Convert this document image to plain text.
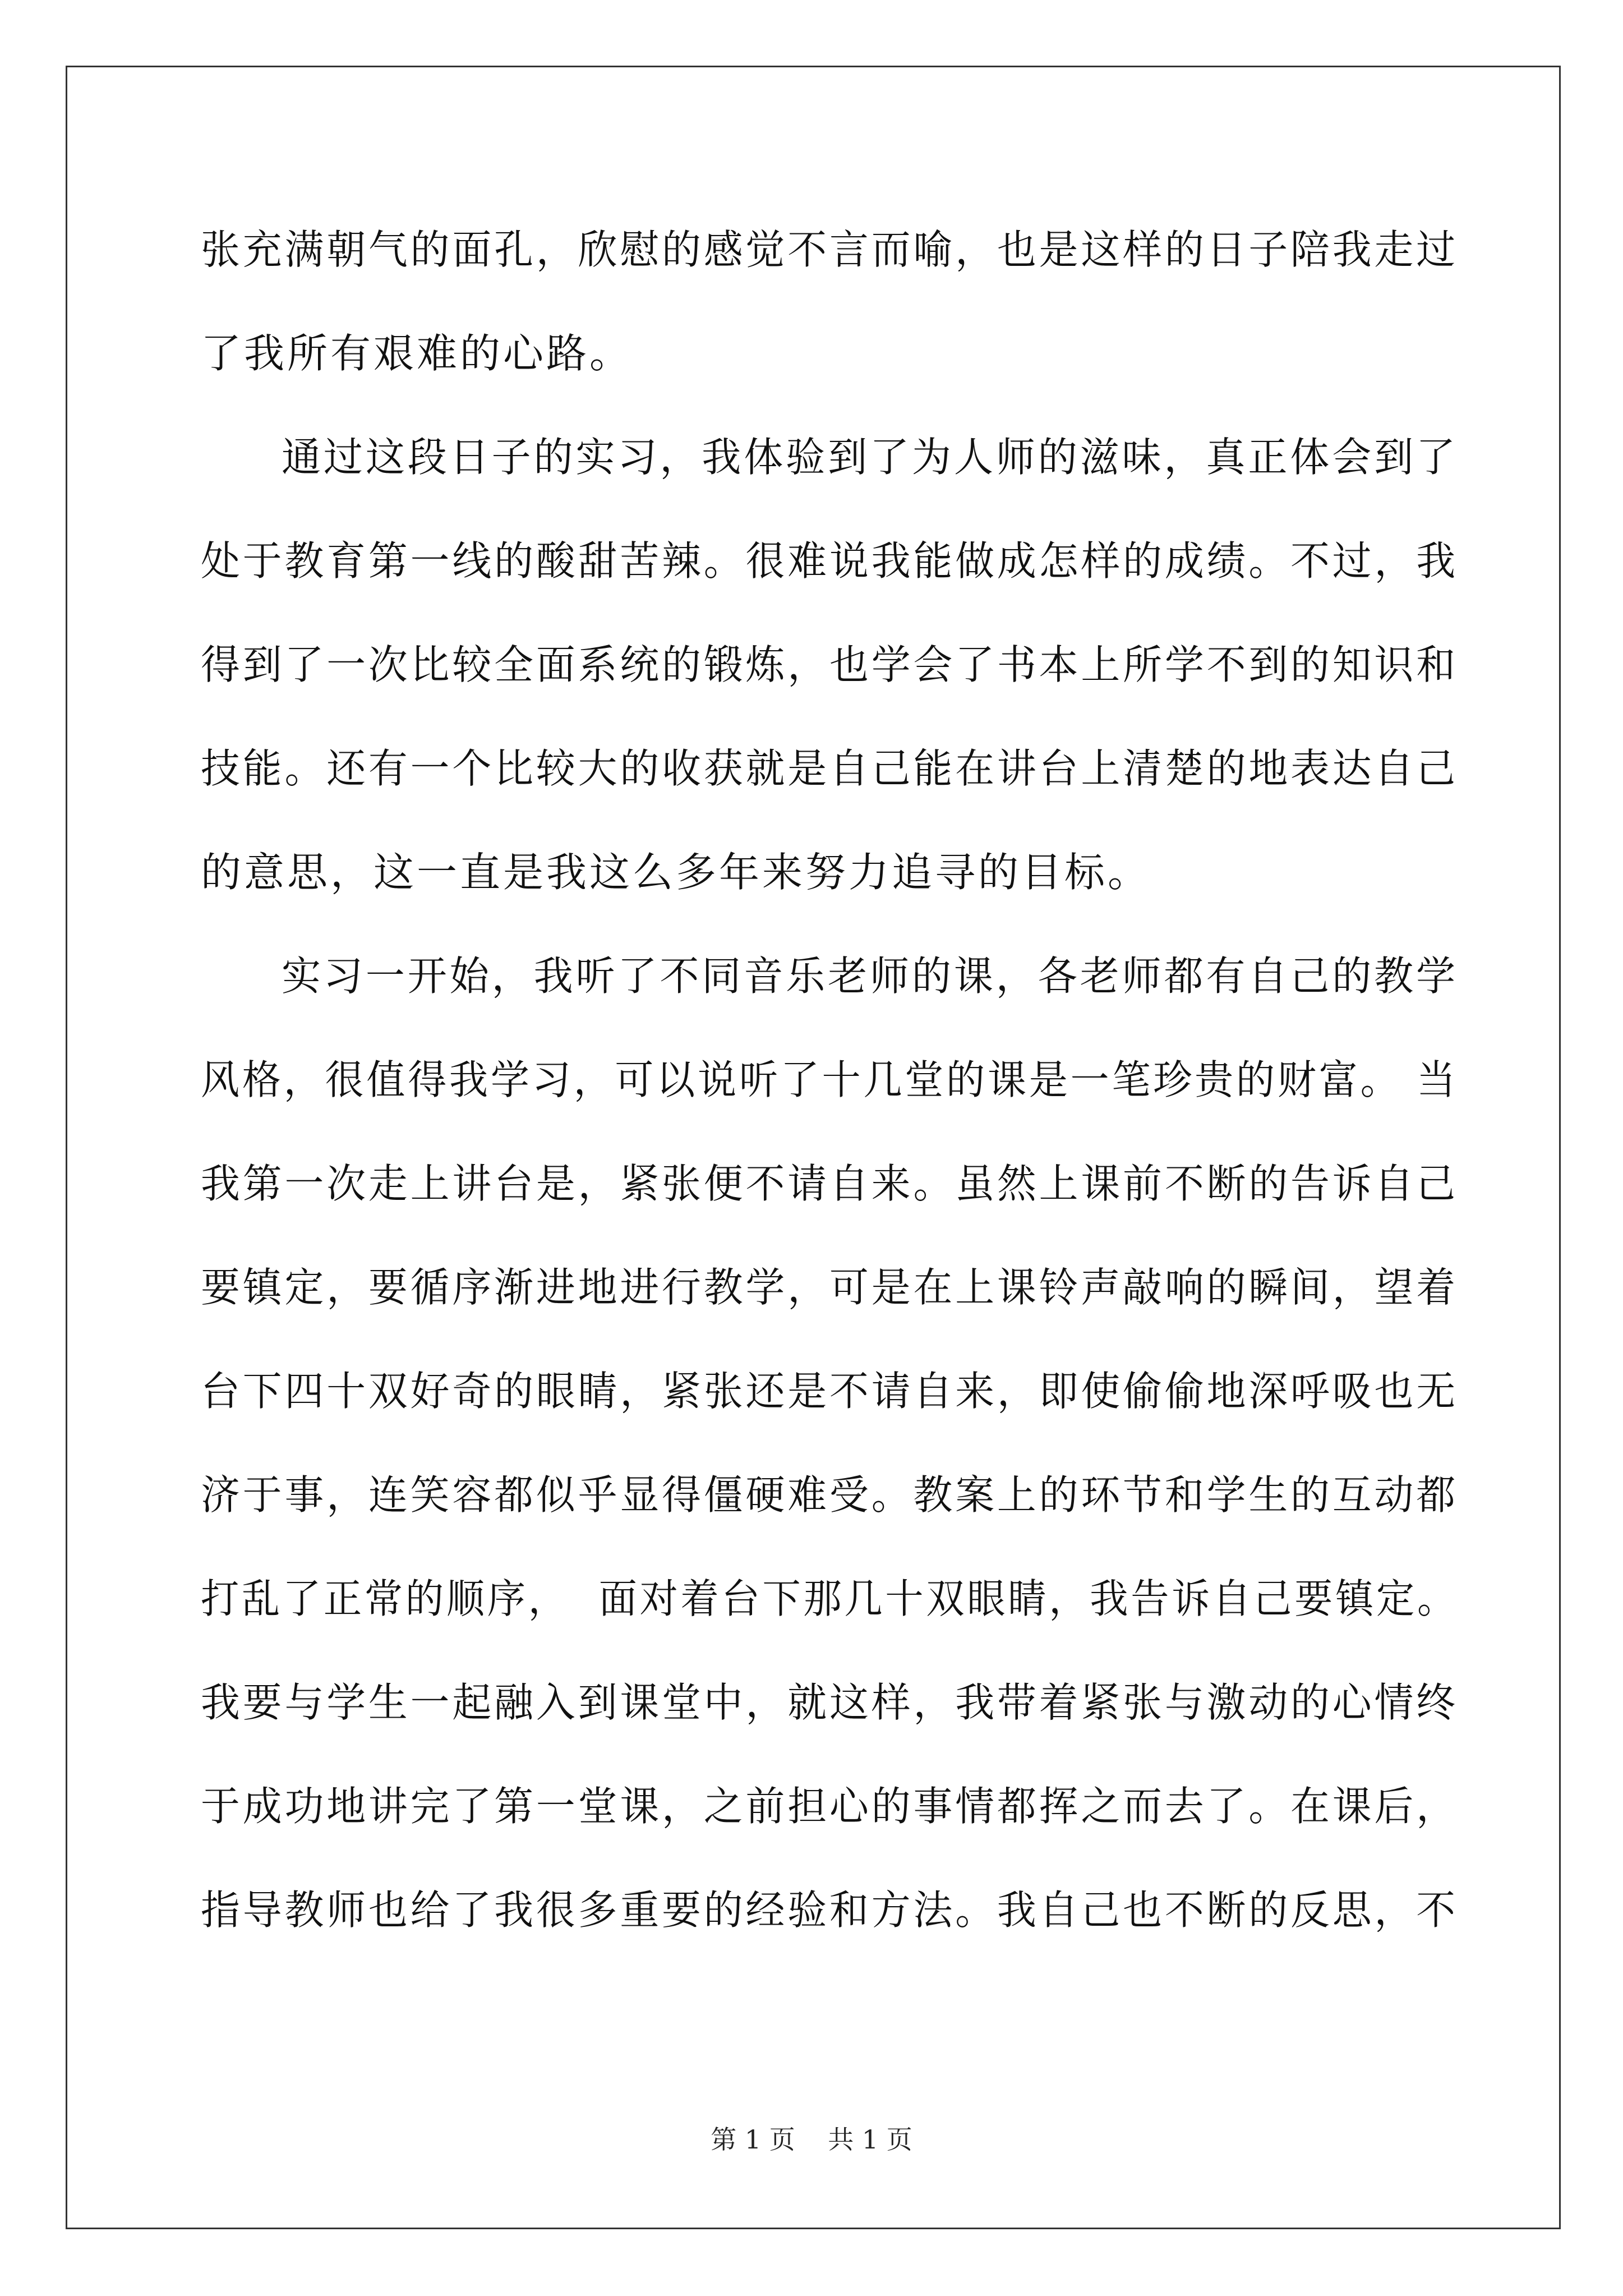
张充满朝气的面孔，欣慰的感觉不言而喻，也是这样的日子陪我走过
了我所有艰难的心路。
通过这段日子的实习，我体验到了为人师的滋味，真正体会到了
处于教育第一线的酸甜苦辣。很难说我能做成怎样的成绩。不过，我
得到了一次比较全面系统的锻炼，也学会了书本上所学不到的知识和
技能。还有一个比较大的收获就是自己能在讲台上清楚的地表达自己
的意思，这一直是我这么多年来努力追寻的目标。
实习一开始，我听了不同音乐老师的课，各老师都有自己的教学
风格，很值得我学习，可以说听了十几堂的课是一笔珍贵的财富。 当
我第一次走上讲台是，紧张便不请自来。虽然上课前不断的告诉自己
要镇定，要循序渐进地进行教学，可是在上课铃声敲响的瞬间，望着
台下四十双好奇的眼睛，紧张还是不请自来，即使偷偷地深呼吸也无
济于事，连笑容都似乎显得僵硬难受。教案上的环节和学生的互动都
打乱了正常的顺序，  面对着台下那几十双眼睛，我告诉自己要镇定。
我要与学生一起融入到课堂中，就这样，我带着紧张与激动的心情终
于成功地讲完了第一堂课，之前担心的事情都挥之而去了。在课后，
指导教师也给了我很多重要的经验和方法。我自己也不断的反思，不
第 1 页    共 1 页
